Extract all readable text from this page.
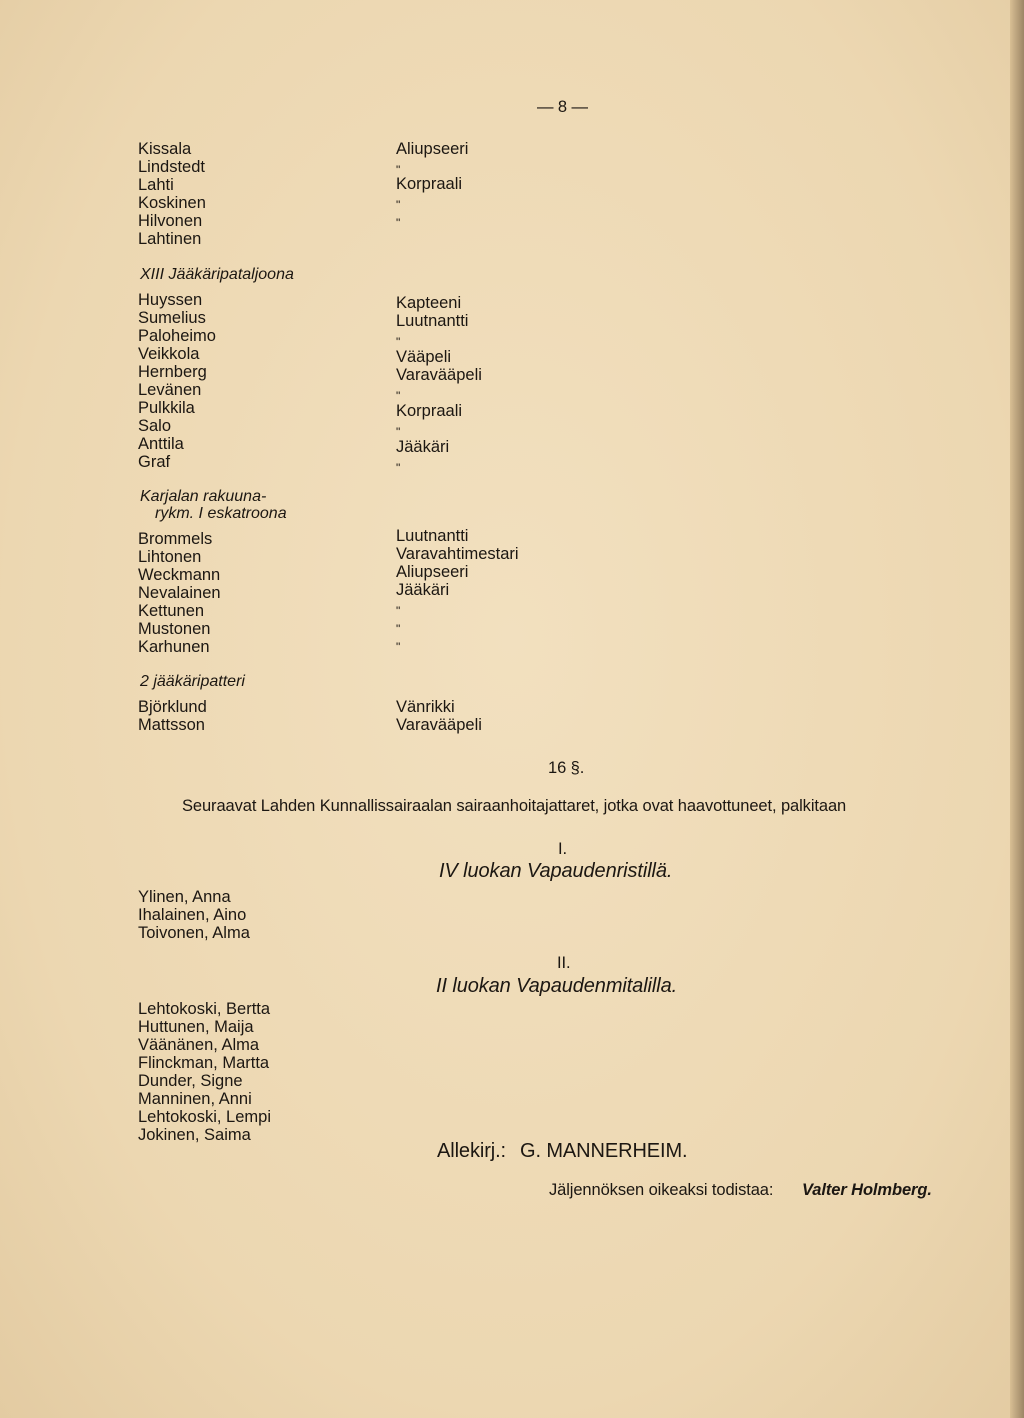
— 8 —
Kissala
Lindstedt
Lahti
Koskinen
Hilvonen
Lahtinen
Aliupseeri
"
Korpraali
"
"
XIII Jääkäripataljoona
Huyssen
Sumelius
Paloheimo
Veikkola
Hernberg
Levänen
Pulkkila
Salo
Anttila
Graf
Kapteeni
Luutnantti
"
Vääpeli
Varavääpeli
"
Korpraali
"
Jääkäri
"
Karjalan rakuuna-
rykm. I eskatroona
Brommels
Lihtonen
Weckmann
Nevalainen
Kettunen
Mustonen
Karhunen
Luutnantti
Varavahtimestari
Aliupseeri
Jääkäri
"
"
"
2 jääkäripatteri
Björklund
Mattsson
Vänrikki
Varavääpeli
16 §.
Seuraavat Lahden Kunnallissairaalan sairaanhoitajattaret, jotka ovat haavottuneet, palkitaan
I.
IV luokan Vapaudenristillä.
Ylinen, Anna
Ihalainen, Aino
Toivonen, Alma
II.
II luokan Vapaudenmitalilla.
Lehtokoski, Bertta
Huttunen, Maija
Väänänen, Alma
Flinckman, Martta
Dunder, Signe
Manninen, Anni
Lehtokoski, Lempi
Jokinen, Saima
Allekirj.: G. MANNERHEIM.
Jäljennöksen oikeaksi todistaa: Valter Holmberg.
